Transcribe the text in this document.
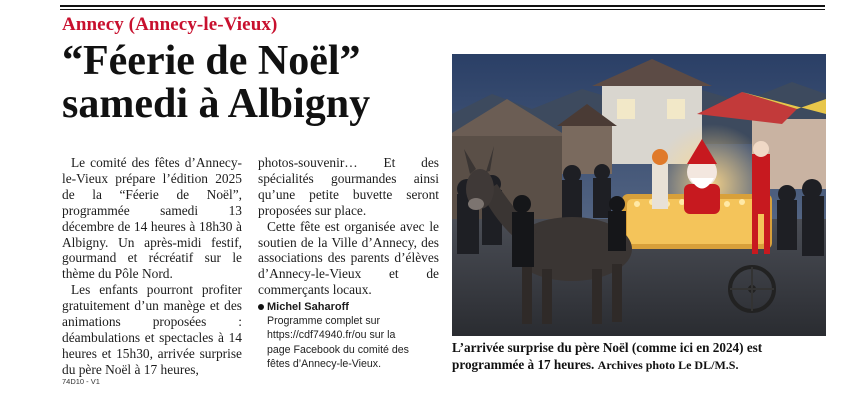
Annecy (Annecy-le-Vieux)
“Féerie de Noël”
samedi à Albigny

Le comité des fêtes d’Annecy-le-Vieux prépare l’édition 2025 de la “Féerie de Noël”, programmée samedi 13 décembre de 14 heures à 18h30 à Albigny. Un après-midi festif, gourmand et récréatif sur le thème du Pôle Nord.

Les enfants pourront profiter gratuitement d’un manège et des animations proposées : déambulations et spectacles à 14 heures et 15h30, arrivée surprise du père Noël à 17 heures,

photos-souvenir… Et des spécialités gourmandes ainsi qu’une petite buvette seront proposées sur place.

Cette fête est organisée avec le soutien de la Ville d’Annecy, des associations des parents d’élèves d’Annecy-le-Vieux et de commerçants locaux.

Michel Saharoff
Programme complet sur
https://cdf74940.fr/ou sur la
page Facebook du comité des
fêtes d’Annecy-le-Vieux.
L’arrivée surprise du père Noël (comme ici en 2024) est programmée à 17 heures. Archives photo Le DL/M.S.
74D10 - V1
